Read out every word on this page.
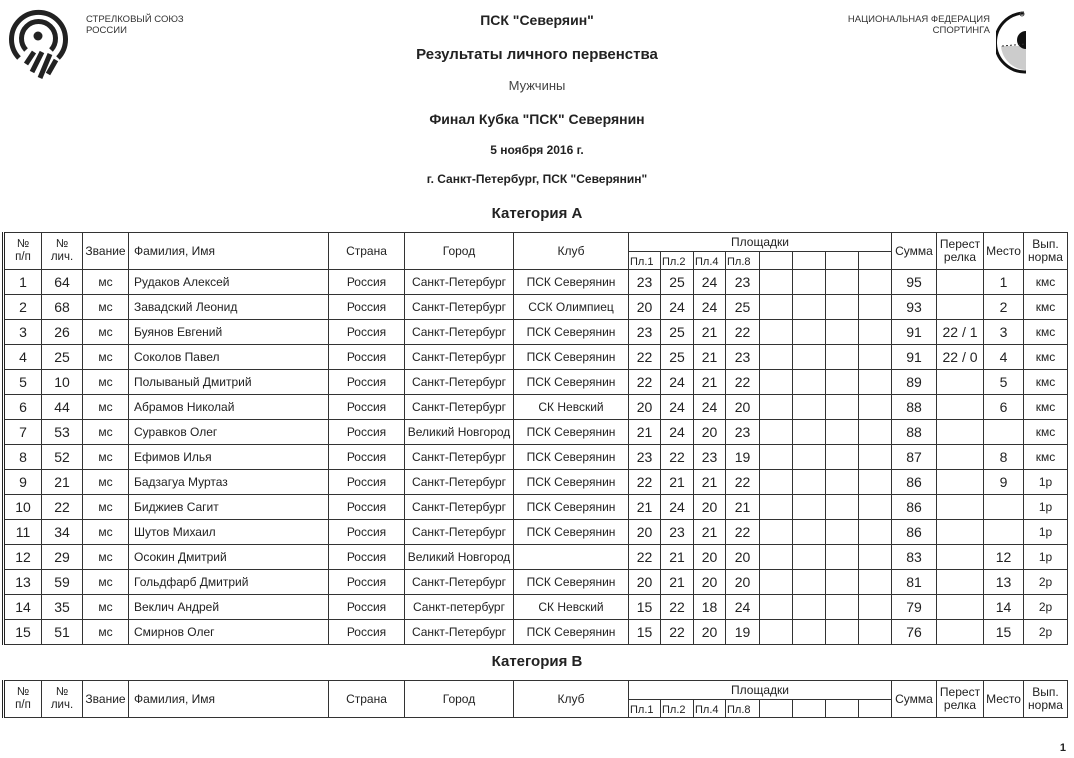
СТРЕЛКОВЫЙ СОЮЗ
РОССИИ
НАЦИОНАЛЬНАЯ ФЕДЕРАЦИЯ
СПОРТИНГА
ПСК "Северяин"
Результаты личного первенства
Мужчины
Финал Кубка "ПСК" Северянин
5 ноября 2016 г.
г. Санкт-Петербург, ПСК "Северянин"
Категория А
№
п/п	№
лич.	Звание	Фамилия, Имя	Страна	Город	Клуб	Площадки								Сумма	Перест
релка	Место	Вып.
норма
							Пл.1	Пл.2	Пл.4	Пл.8								
1	64	мс	Рудаков Алексей	Россия	Санкт-Петербург	ПСК Северянин	23	25	24	23					95		1	кмс
2	68	мс	Завадский Леонид	Россия	Санкт-Петербург	ССК Олимпиец	20	24	24	25					93		2	кмс
3	26	мс	Буянов Евгений	Россия	Санкт-Петербург	ПСК Северянин	23	25	21	22					91	22 / 1	3	кмс
4	25	мс	Соколов Павел	Россия	Санкт-Петербург	ПСК Северянин	22	25	21	23					91	22 / 0	4	кмс
5	10	мс	Полываный Дмитрий	Россия	Санкт-Петербург	ПСК Северянин	22	24	21	22					89		5	кмс
6	44	мс	Абрамов Николай	Россия	Санкт-Петербург	СК Невский	20	24	24	20					88		6	кмс
7	53	мс	Суравков Олег	Россия	Великий Новгород	ПСК Северянин	21	24	20	23					88			кмс
8	52	мс	Ефимов Илья	Россия	Санкт-Петербург	ПСК Северянин	23	22	23	19					87		8	кмс
9	21	мс	Бадзагуа Муртаз	Россия	Санкт-Петербург	ПСК Северянин	22	21	21	22					86		9	1р
10	22	мс	Биджиев Сагит	Россия	Санкт-Петербург	ПСК Северянин	21	24	20	21					86			1р
11	34	мс	Шутов Михаил	Россия	Санкт-Петербург	ПСК Северянин	20	23	21	22					86			1р
12	29	мс	Осокин Дмитрий	Россия	Великий Новгород		22	21	20	20					83		12	1р
13	59	мс	Гольдфарб Дмитрий	Россия	Санкт-Петербург	ПСК Северянин	20	21	20	20					81		13	2р
14	35	мс	Веклич Андрей	Россия	Санкт-петербург	СК Невский	15	22	18	24					79		14	2р
15	51	мс	Смирнов Олег	Россия	Санкт-Петербург	ПСК Северянин	15	22	20	19					76		15	2р
Категория В
№
п/п	№
лич.	Звание	Фамилия, Имя	Страна	Город	Клуб	Площадки								Сумма	Перест
релка	Место	Вып.
норма
							Пл.1	Пл.2	Пл.4	Пл.8								
1
